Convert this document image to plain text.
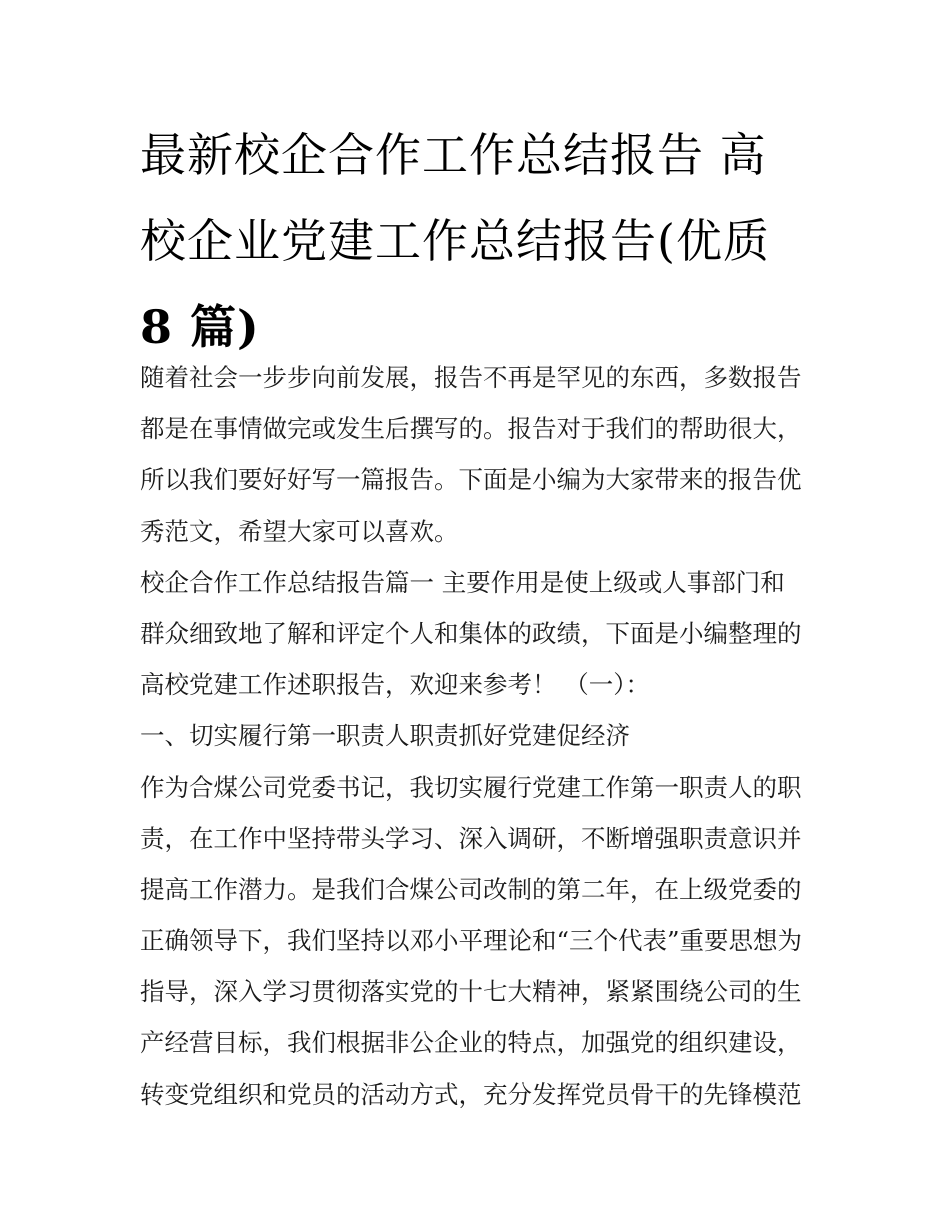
最新校企合作工作总结报告 高
校企业党建工作总结报告(优质
8 篇)
随着社会一步步向前发展，报告不再是罕见的东西，多数报告
都是在事情做完或发生后撰写的。报告对于我们的帮助很大，
所以我们要好好写一篇报告。下面是小编为大家带来的报告优
秀范文，希望大家可以喜欢。
校企合作工作总结报告篇一 主要作用是使上级或人事部门和
群众细致地了解和评定个人和集体的政绩，下面是小编整理的
高校党建工作述职报告，欢迎来参考！ （一）：
一、切实履行第一职责人职责抓好党建促经济
作为合煤公司党委书记，我切实履行党建工作第一职责人的职
责，在工作中坚持带头学习、深入调研，不断增强职责意识并
提高工作潜力。是我们合煤公司改制的第二年，在上级党委的
正确领导下，我们坚持以邓小平理论和“三个代表”重要思想为
指导，深入学习贯彻落实党的十七大精神，紧紧围绕公司的生
产经营目标，我们根据非公企业的特点，加强党的组织建设，
转变党组织和党员的活动方式，充分发挥党员骨干的先锋模范
